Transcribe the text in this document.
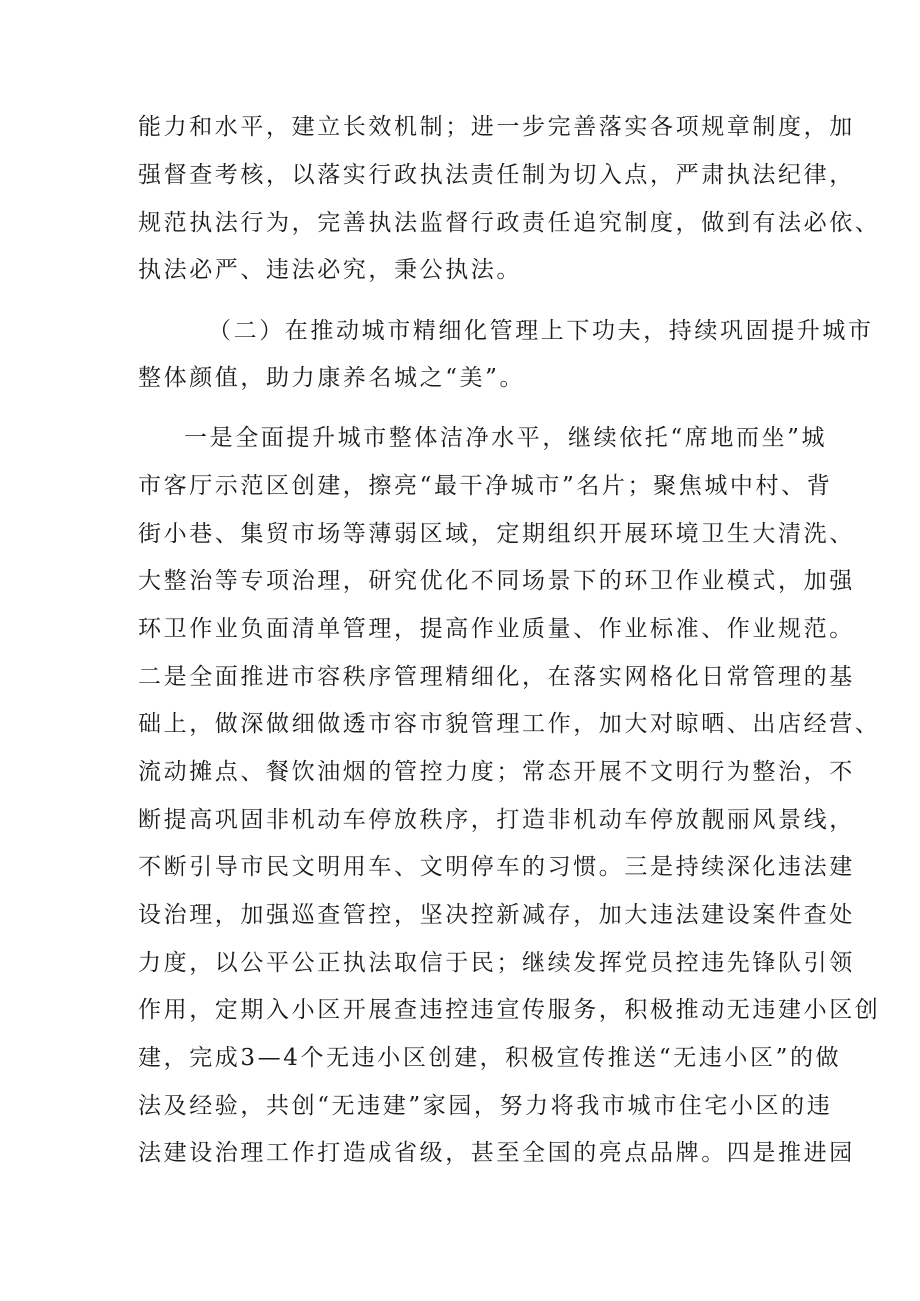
能力和水平，建立长效机制；进一步完善落实各项规章制度，加
强督查考核，以落实行政执法责任制为切入点，严肃执法纪律，
规范执法行为，完善执法监督行政责任追究制度，做到有法必依、
执法必严、违法必究，秉公执法。
（二）在推动城市精细化管理上下功夫，持续巩固提升城市
整体颜值，助力康养名城之“美”。
一是全面提升城市整体洁净水平，继续依托“席地而坐”城
市客厅示范区创建，擦亮“最干净城市”名片；聚焦城中村、背
街小巷、集贸市场等薄弱区域，定期组织开展环境卫生大清洗、
大整治等专项治理，研究优化不同场景下的环卫作业模式，加强
环卫作业负面清单管理，提高作业质量、作业标准、作业规范。
二是全面推进市容秩序管理精细化，在落实网格化日常管理的基
础上，做深做细做透市容市貌管理工作，加大对晾晒、出店经营、
流动摊点、餐饮油烟的管控力度；常态开展不文明行为整治，不
断提高巩固非机动车停放秩序，打造非机动车停放靓丽风景线，
不断引导市民文明用车、文明停车的习惯。三是持续深化违法建
设治理，加强巡查管控，坚决控新减存，加大违法建设案件查处
力度，以公平公正执法取信于民；继续发挥党员控违先锋队引领
作用，定期入小区开展查违控违宣传服务，积极推动无违建小区创
建，完成3—4个无违小区创建，积极宣传推送“无违小区”的做
法及经验，共创“无违建”家园，努力将我市城市住宅小区的违
法建设治理工作打造成省级，甚至全国的亮点品牌。四是推进园
